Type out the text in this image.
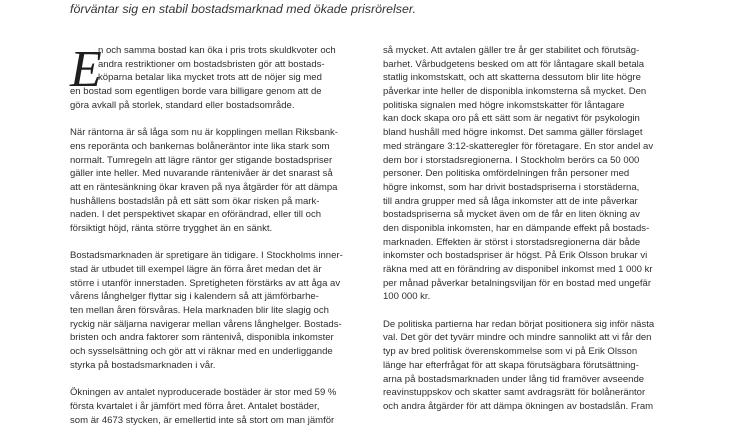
förväntar sig en stabil bostadsmarknad med ökade prisrörelser.
E
n och samma bostad kan öka i pris trots skuldkvoter och
andra restriktioner om bostadsbristen gör att bostads-
köparna betalar lika mycket trots att de nöjer sig med
en bostad som egentligen borde vara billigare genom att de
göra avkall på storlek, standard eller bostadsområde.
När räntorna är så låga som nu är kopplingen mellan Riksbank-
ens reporänta och bankernas bolåneräntor inte lika stark som
normalt. Tumregeln att lägre räntor ger stigande bostadspriser
gäller inte heller. Med nuvarande räntenivåer är det snarast så
att en räntesänkning ökar kraven på nya åtgärder för att dämpa
hushållens bostadslån på ett sätt som ökar risken på mark-
naden. I det perspektivet skapar en oförändrad, eller till och
försiktigt höjd, ränta större trygghet än en sänkt.
Bostadsmarknaden är spretigare än tidigare. I Stockholms inner-
stad är utbudet till exempel lägre än förra året medan det är
större i utanför innerstaden. Spretigheten förstärks av att åga av
vårens långhelger flyttar sig i kalendern så att jämförbarhe-
ten mellan åren försvåras. Hela marknaden blir lite slagig och
ryckig när säljarna navigerar mellan vårens långhelger. Bostads-
bristen och andra faktorer som räntenivå, disponibla inkomster
och sysselsättning och gör att vi räknar med en underliggande
styrka på bostadsmarknaden i vår.
Ökningen av antalet nyproducerade bostäder är stor med 59 %
första kvartalet i år jämfört med förra året. Antalet bostäder,
som är 4673 stycken, är emellertid inte så stort om man jämför
så mycket. Att avtalen gäller tre år ger stabilitet och förutsäg-
barhet. Vårbudgetens besked om att för låntagare skall betala
statlig inkomstskatt, och att skatterna dessutom blir lite högre
påverkar inte heller de disponibla inkomsterna så mycket. Den
politiska signalen med högre inkomstskatter för låntagare
kan dock skapa oro på ett sätt som är negativt för psykologin
bland hushåll med högre inkomst. Det samma gäller förslaget
med strängare 3:12-skatteregler för företagare. En stor andel av
dem bor i storstadsregionerna. I Stockholm berörs ca 50 000
personer. Den politiska omfördelningen från personer med
högre inkomst, som har drivit bostadspriserna i storstäderna,
till andra grupper med så låga inkomster att de inte påverkar
bostadspriserna så mycket även om de får en liten ökning av
den disponibla inkomsten, har en dämpande effekt på bostads-
marknaden. Effekten är störst i storstadsregionerna där både
inkomster och bostadspriser är högst. På Erik Olsson brukar vi
räkna med att en förändring av disponibel inkomst med 1 000 kr
per månad påverkar betalningsviljan för en bostad med ungefär
100 000 kr.
De politiska partierna har redan börjat positionera sig inför nästa
val. Det gör det tyvärr mindre och mindre sannolikt att vi får den
typ av bred politisk överenskommelse som vi på Erik Olsson
länge har efterfrågat för att skapa förutsägbara förutsättning-
arna på bostadsmarknaden under lång tid framöver avseende
reavinstuppskov och skatter samt avdragsrätt för bolåneräntor
och andra åtgärder för att dämpa ökningen av bostadslån. Fram
